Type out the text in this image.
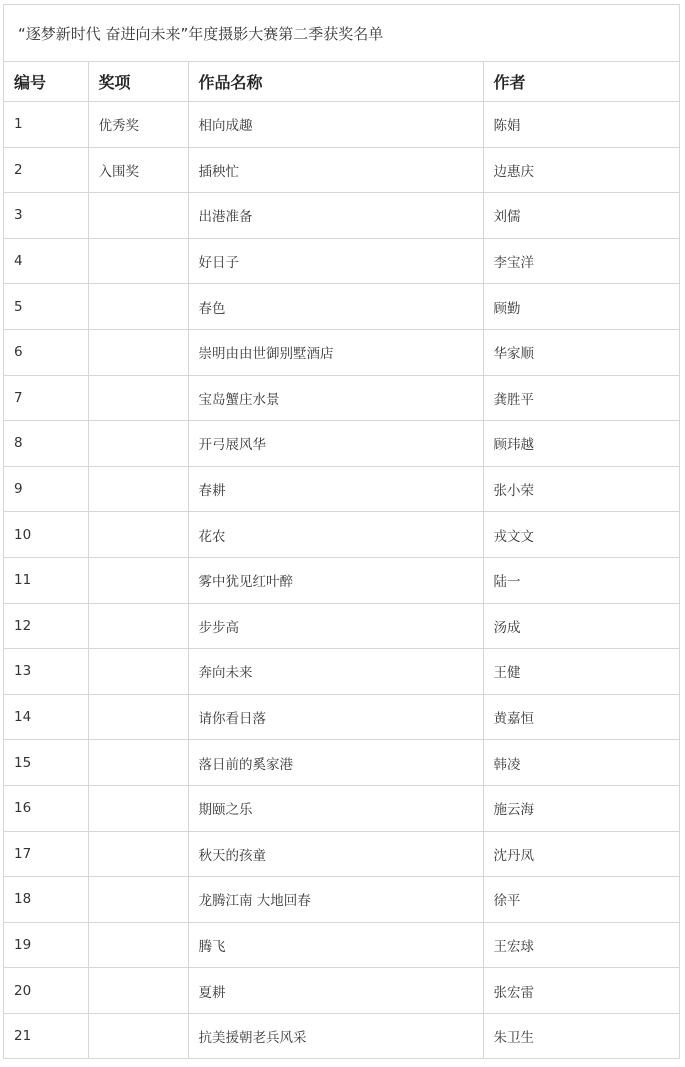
“逐梦新时代 奋进向未来”年度摄影大赛第二季获奖名单
编号	奖项	作品名称	作者
1	优秀奖	相向成趣	陈娟
2	入围奖	插秧忙	边惠庆
3		出港准备	刘儒
4		好日子	李宝洋
5		春色	顾勤
6		崇明由由世御别墅酒店	华家顺
7		宝岛蟹庄水景	龚胜平
8		开弓展风华	顾玮越
9		春耕	张小荣
10		花农	戎文文
11		雾中犹见红叶醉	陆一
12		步步高	汤成
13		奔向未来	王健
14		请你看日落	黄嘉恒
15		落日前的奚家港	韩凌
16		期颐之乐	施云海
17		秋天的孩童	沈丹凤
18		龙腾江南 大地回春	徐平
19		腾飞	王宏球
20		夏耕	张宏雷
21		抗美援朝老兵风采	朱卫生
